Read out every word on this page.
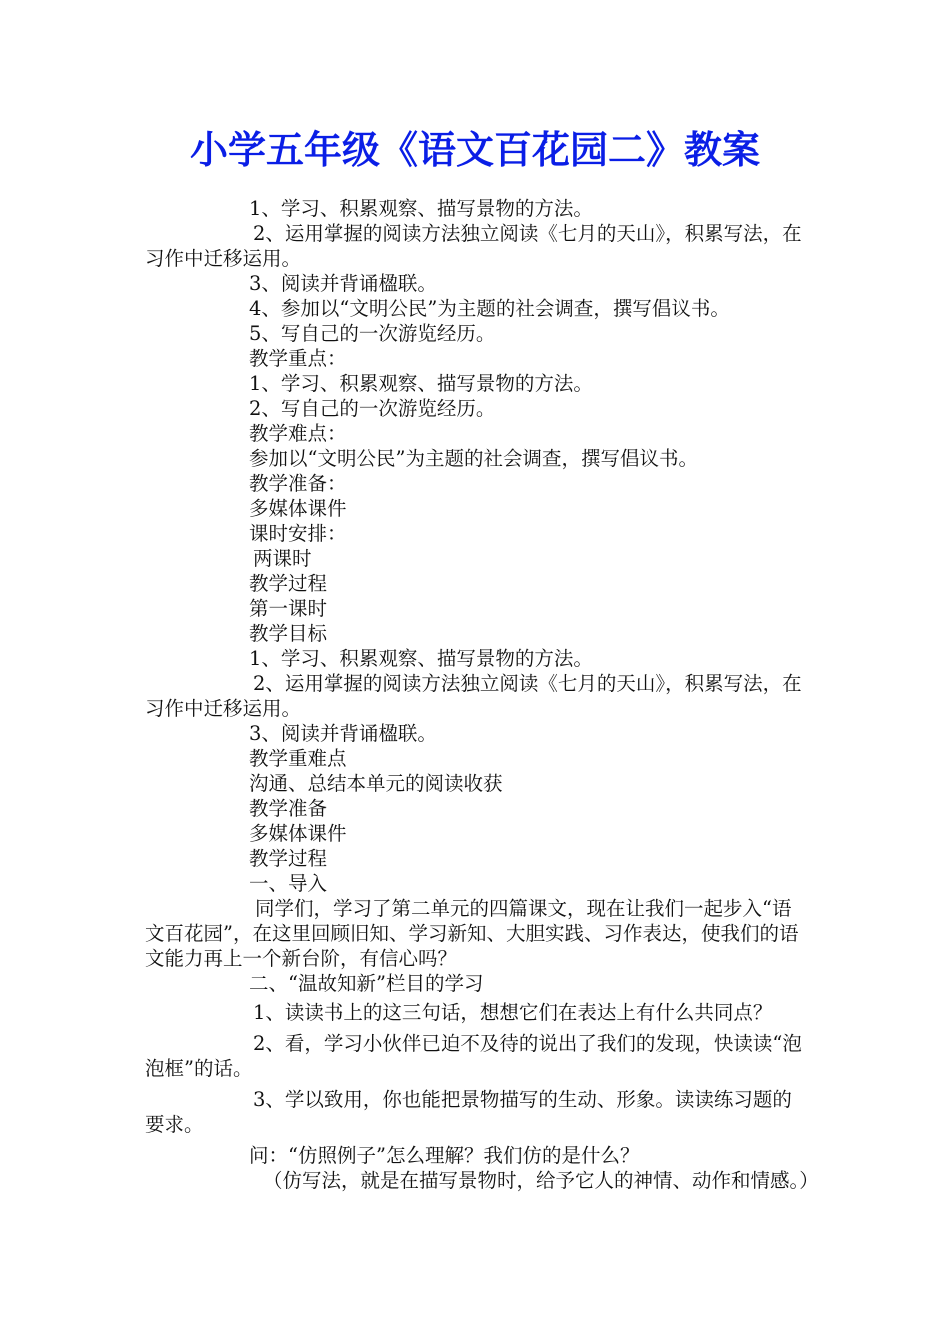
小学五年级《语文百花园二》教案

1、学习、积累观察、描写景物的方法。

2、运用掌握的阅读方法独立阅读《七月的天山》，积累写法，在习作中迁移运用。

3、阅读并背诵楹联。

4、参加以“文明公民”为主题的社会调查，撰写倡议书。

5、写自己的一次游览经历。

教学重点：

1、学习、积累观察、描写景物的方法。

2、写自己的一次游览经历。

教学难点：

参加以“文明公民”为主题的社会调查，撰写倡议书。

教学准备：

多媒体课件

课时安排：

两课时

教学过程

第一课时

教学目标

1、学习、积累观察、描写景物的方法。

2、运用掌握的阅读方法独立阅读《七月的天山》，积累写法，在习作中迁移运用。

3、阅读并背诵楹联。

教学重难点

沟通、总结本单元的阅读收获

教学准备

多媒体课件

教学过程

一、导入

同学们，学习了第二单元的四篇课文，现在让我们一起步入“语文百花园”，在这里回顾旧知、学习新知、大胆实践、习作表达，使我们的语文能力再上一个新台阶，有信心吗？

二、“温故知新”栏目的学习

1、读读书上的这三句话，想想它们在表达上有什么共同点？

2、看，学习小伙伴已迫不及待的说出了我们的发现，快读读“泡泡框”的话。

3、学以致用，你也能把景物描写的生动、形象。读读练习题的要求。

问：“仿照例子”怎么理解？我们仿的是什么？

（仿写法，就是在描写景物时，给予它人的神情、动作和情感。）
